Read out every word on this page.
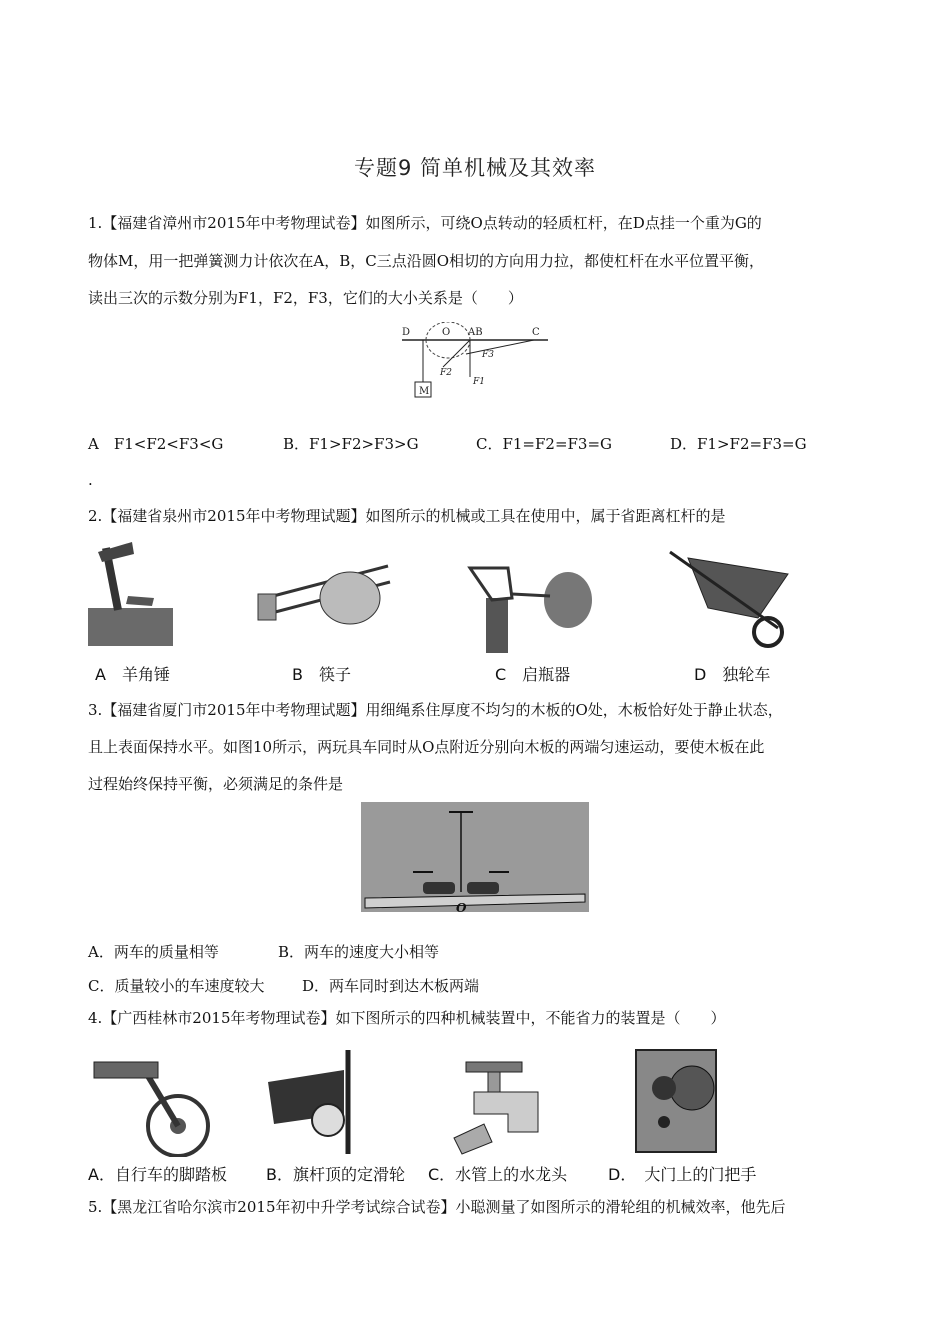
专题9 简单机械及其效率
1.【福建省漳州市2015年中考物理试卷】如图所示，可绕O点转动的轻质杠杆，在D点挂一个重为G的
物体M，用一把弹簧测力计依次在A，B，C三点沿圆O相切的方向用力拉，都使杠杆在水平位置平衡，
读出三次的示数分别为F1，F2，F3，它们的大小关系是（　　）
D	O AB	C
F3
F2
F1
M
A　F1<F2<F3<G	B．F1>F2>F3>G	C．F1=F2=F3=G	D．F1>F2=F3=G
.
2.【福建省泉州市2015年中考物理试题】如图所示的机械或工具在使用中，属于省距离杠杆的是
A　羊角锤	B　筷子	C　启瓶器	D　独轮车
3.【福建省厦门市2015年中考物理试题】用细绳系住厚度不均匀的木板的O处，木板恰好处于静止状态，
且上表面保持水平。如图10所示，两玩具车同时从O点附近分别向木板的两端匀速运动，要使木板在此
过程始终保持平衡，必须满足的条件是
O
A．两车的质量相等	B．两车的速度大小相等
C．质量较小的车速度较大	D．两车同时到达木板两端
4.【广西桂林市2015年考物理试卷】如下图所示的四种机械装置中，不能省力的装置是（　　）
A．自行车的脚踏板 B．旗杆顶的定滑轮 C．水管上的水龙头	D．　大门上的门把手
5.【黑龙江省哈尔滨市2015年初中升学考试综合试卷】小聪测量了如图所示的滑轮组的机械效率，他先后
